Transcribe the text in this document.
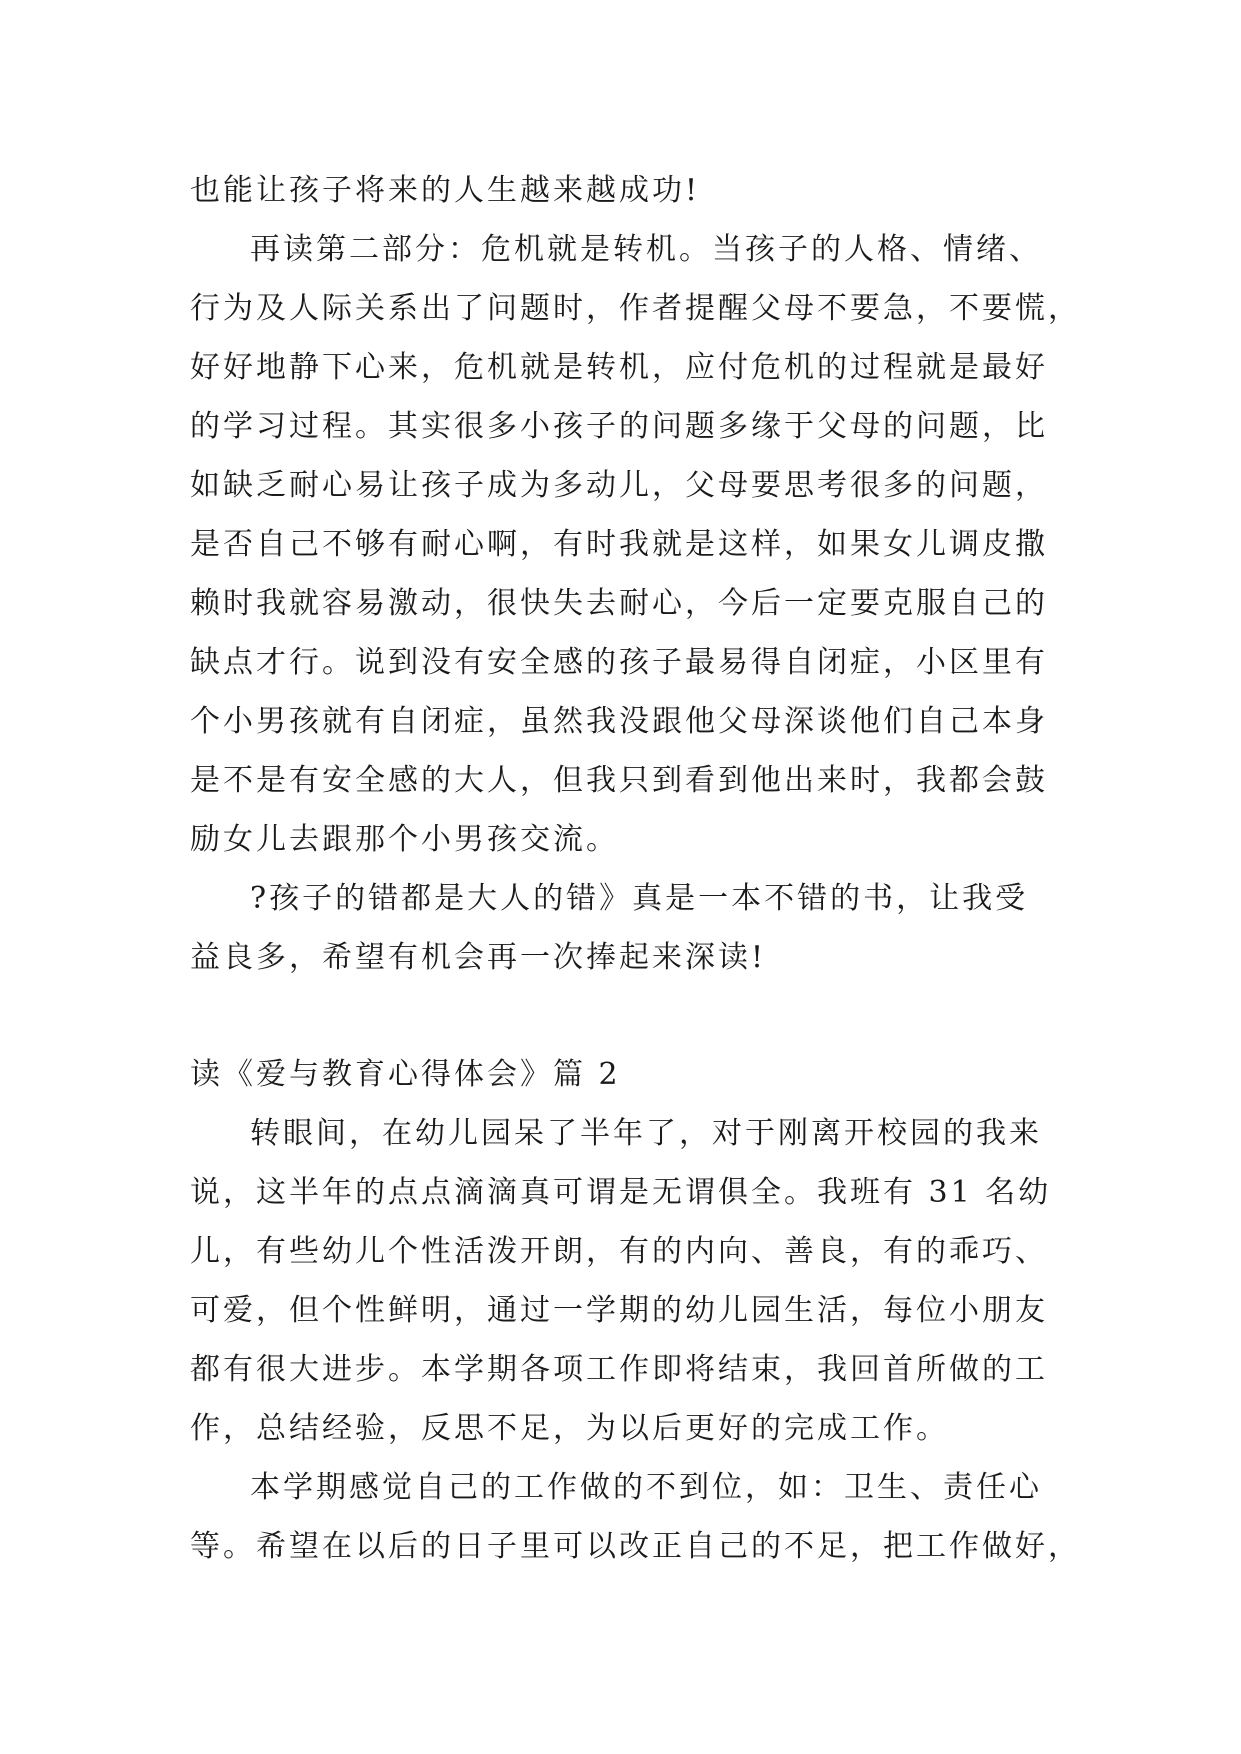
也能让孩子将来的人生越来越成功!
再读第二部分：危机就是转机。当孩子的人格、情绪、
行为及人际关系出了问题时，作者提醒父母不要急，不要慌，
好好地静下心来，危机就是转机，应付危机的过程就是最好
的学习过程。其实很多小孩子的问题多缘于父母的问题，比
如缺乏耐心易让孩子成为多动儿，父母要思考很多的问题，
是否自己不够有耐心啊，有时我就是这样，如果女儿调皮撒
赖时我就容易激动，很快失去耐心，今后一定要克服自己的
缺点才行。说到没有安全感的孩子最易得自闭症，小区里有
个小男孩就有自闭症，虽然我没跟他父母深谈他们自己本身
是不是有安全感的大人，但我只到看到他出来时，我都会鼓
励女儿去跟那个小男孩交流。
?孩子的错都是大人的错》真是一本不错的书，让我受
益良多，希望有机会再一次捧起来深读!
读《爱与教育心得体会》篇 2
转眼间，在幼儿园呆了半年了，对于刚离开校园的我来
说，这半年的点点滴滴真可谓是无谓俱全。我班有 31 名幼
儿，有些幼儿个性活泼开朗，有的内向、善良，有的乖巧、
可爱，但个性鲜明，通过一学期的幼儿园生活，每位小朋友
都有很大进步。本学期各项工作即将结束，我回首所做的工
作，总结经验，反思不足，为以后更好的完成工作。
本学期感觉自己的工作做的不到位，如：卫生、责任心
等。希望在以后的日子里可以改正自己的不足，把工作做好，
